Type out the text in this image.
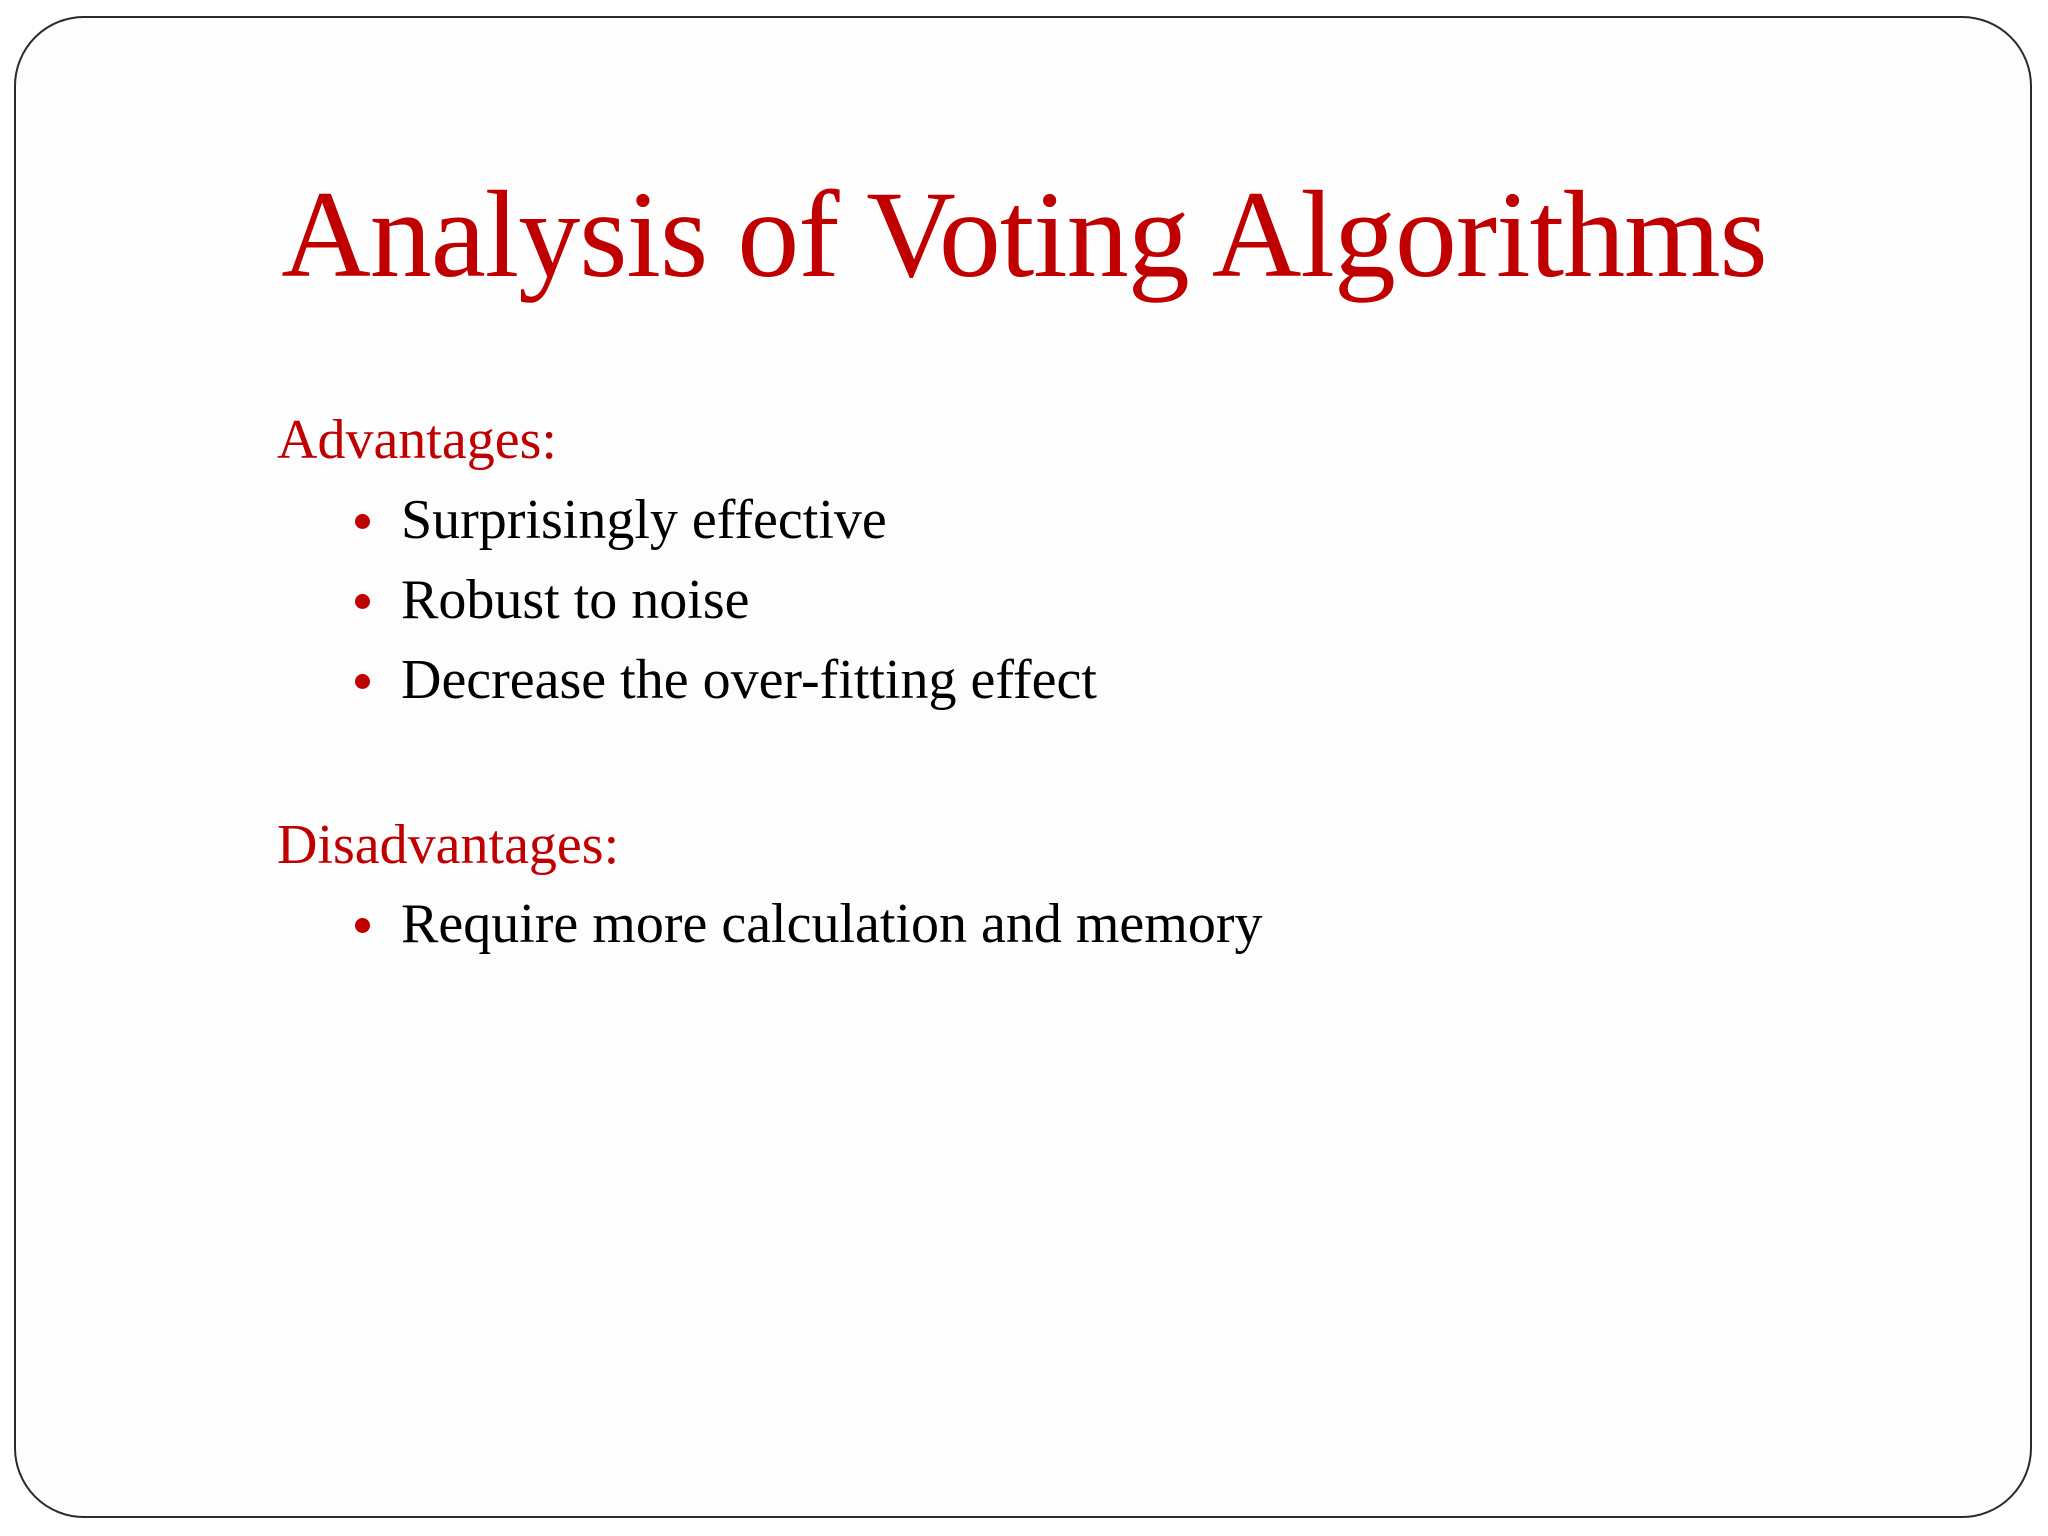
Analysis of Voting Algorithms
Advantages:
Surprisingly effective
Robust to noise
Decrease the over-fitting effect
Disadvantages:
Require more calculation and memory
